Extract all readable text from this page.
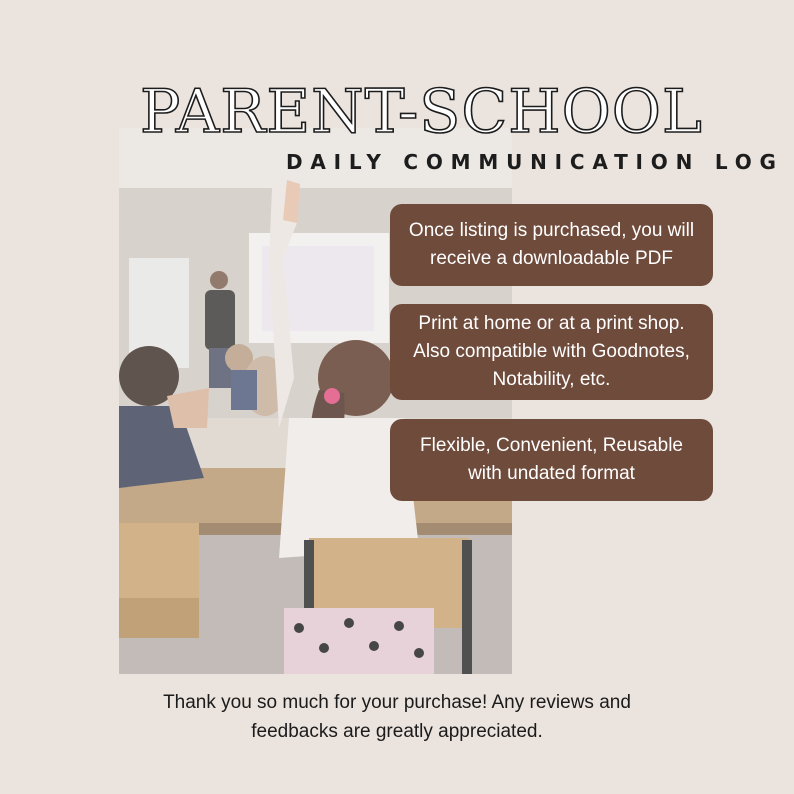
PARENT-SCHOOL
DAILY COMMUNICATION LOG
Once listing is purchased, you will
receive a downloadable PDF
Print at home or at a print shop.
Also compatible with Goodnotes,
Notability, etc.
Flexible, Convenient, Reusable
with undated format
Thank you so much for your purchase! Any reviews and
feedbacks are greatly appreciated.
